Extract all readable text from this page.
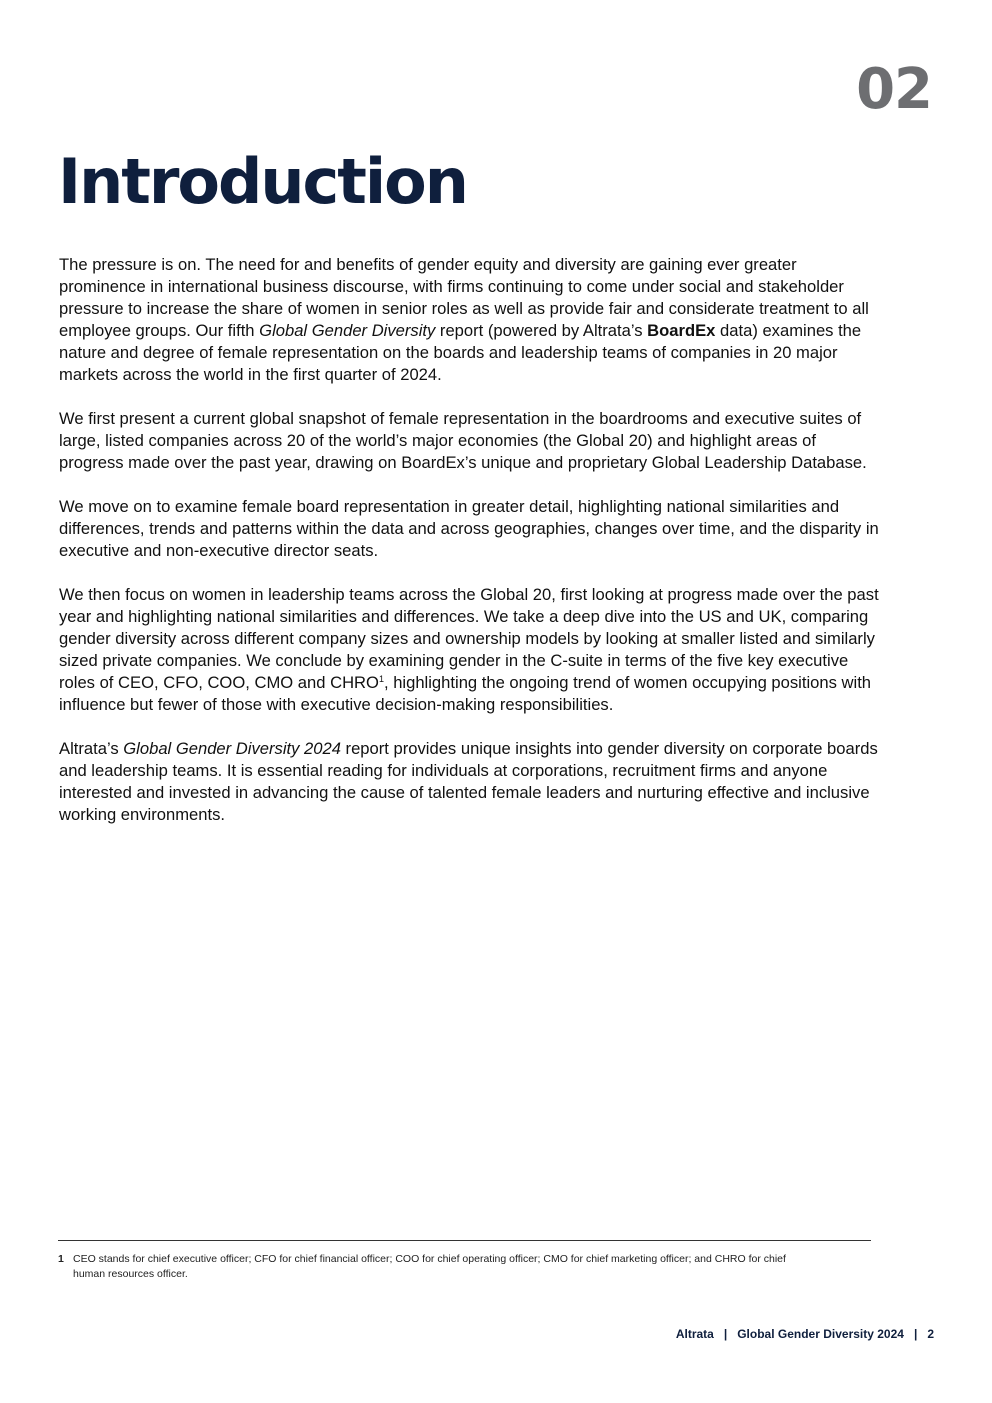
02
Introduction

The pressure is on. The need for and benefits of gender equity and diversity are gaining ever greater prominence in international business discourse, with firms continuing to come under social and stakeholder pressure to increase the share of women in senior roles as well as provide fair and considerate treatment to all employee groups. Our fifth Global Gender Diversity report (powered by Altrata’s BoardEx data) examines the nature and degree of female representation on the boards and leadership teams of companies in 20 major markets across the world in the first quarter of 2024.

We first present a current global snapshot of female representation in the boardrooms and executive suites of large, listed companies across 20 of the world’s major economies (the Global 20) and highlight areas of progress made over the past year, drawing on BoardEx’s unique and proprietary Global Leadership Database.

We move on to examine female board representation in greater detail, highlighting national similarities and differences, trends and patterns within the data and across geographies, changes over time, and the disparity in executive and non-executive director seats.

We then focus on women in leadership teams across the Global 20, first looking at progress made over the past year and highlighting national similarities and differences. We take a deep dive into the US and UK, comparing gender diversity across different company sizes and ownership models by looking at smaller listed and similarly sized private companies. We conclude by examining gender in the C-suite in terms of the five key executive roles of CEO, CFO, COO, CMO and CHRO$^1$, highlighting the ongoing trend of women occupying positions with influence but fewer of those with executive decision-making responsibilities.

Altrata’s Global Gender Diversity 2024 report provides unique insights into gender diversity on corporate boards and leadership teams. It is essential reading for individuals at corporations, recruitment firms and anyone interested and invested in advancing the cause of talented female leaders and nurturing effective and inclusive working environments.

1 CEO stands for chief executive officer; CFO for chief financial officer; COO for chief operating officer; CMO for chief marketing officer; and CHRO for chief human resources officer.
Altrata | Global Gender Diversity 2024 | 2
